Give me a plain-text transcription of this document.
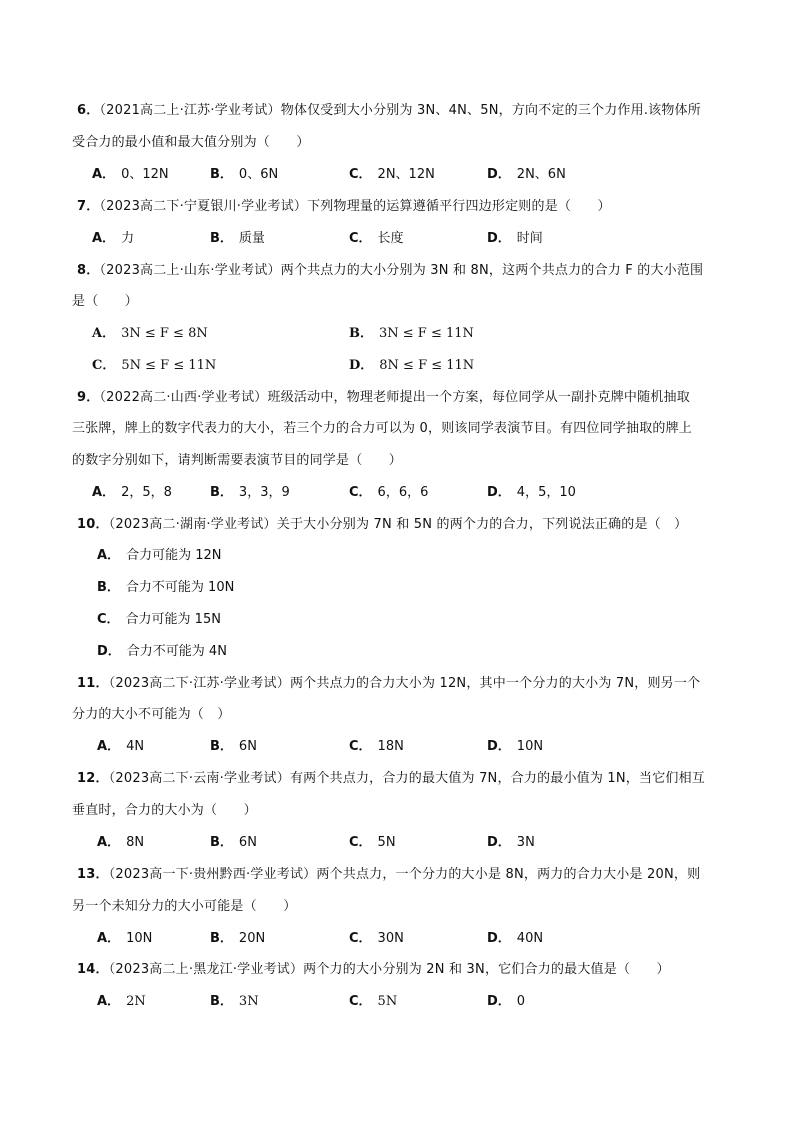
6．（2021高二上·江苏·学业考试）物体仅受到大小分别为 3N、4N、5N，方向不定的三个力作用.该物体所
受合力的最小值和最大值分别为（　　）
A． 0、12N	B． 0、6N	C． 2N、12N	D． 2N、6N
7．（2023高二下·宁夏银川·学业考试）下列物理量的运算遵循平行四边形定则的是（　　）
A． 力	B． 质量	C． 长度	D． 时间
8．（2023高二上·山东·学业考试）两个共点力的大小分别为 3N 和 8N，这两个共点力的合力 F 的大小范围
是（　　）
A． 3N ≤ F ≤ 8N	B． 3N ≤ F ≤ 11N
C． 5N ≤ F ≤ 11N	D． 8N ≤ F ≤ 11N
9．（2022高二·山西·学业考试）班级活动中，物理老师提出一个方案，每位同学从一副扑克牌中随机抽取
三张牌，牌上的数字代表力的大小，若三个力的合力可以为 0，则该同学表演节目。有四位同学抽取的牌上
的数字分别如下，请判断需要表演节目的同学是（　　）
A． 2，5，8	B． 3，3，9	C． 6，6，6	D． 4，5，10
10．（2023高二·湖南·学业考试）关于大小分别为 7N 和 5N 的两个力的合力，下列说法正确的是（　）
A． 合力可能为 12N
B． 合力不可能为 10N
C． 合力可能为 15N
D． 合力不可能为 4N
11．（2023高二下·江苏·学业考试）两个共点力的合力大小为 12N，其中一个分力的大小为 7N，则另一个
分力的大小不可能为（　）
A． 4N	B． 6N	C． 18N	D． 10N
12．（2023高二下·云南·学业考试）有两个共点力，合力的最大值为 7N，合力的最小值为 1N，当它们相互
垂直时，合力的大小为（　　）
A． 8N	B． 6N	C． 5N	D． 3N
13．（2023高一下·贵州黔西·学业考试）两个共点力，一个分力的大小是 8N，两力的合力大小是 20N，则
另一个未知分力的大小可能是（　　）
A． 10N	B． 20N	C． 30N	D． 40N
14．（2023高二上·黑龙江·学业考试）两个力的大小分别为 2N 和 3N，它们合力的最大值是（　　）
A． 2N	B． 3N	C． 5N	D． 0
